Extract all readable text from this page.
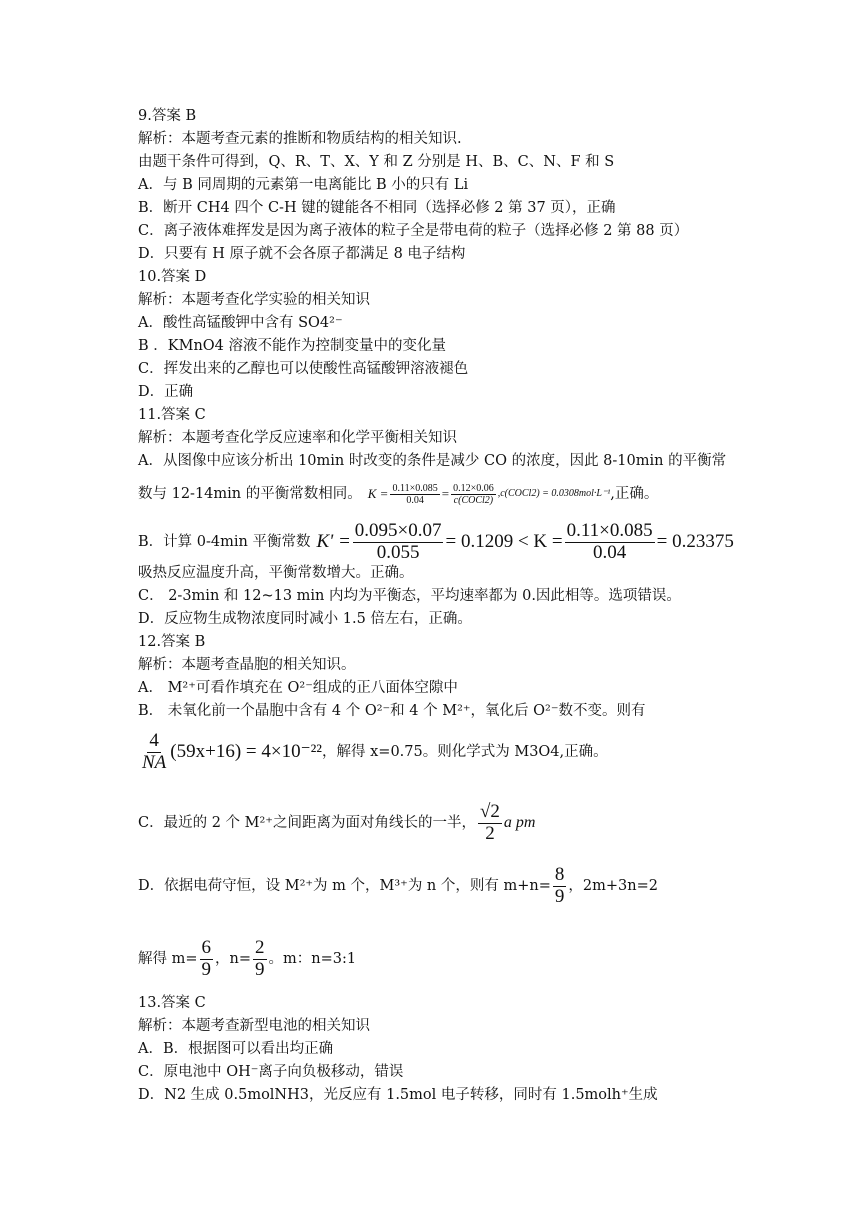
9.答案 B
解析：本题考查元素的推断和物质结构的相关知识.
由题干条件可得到，Q、R、T、X、Y 和 Z 分别是 H、B、C、N、F 和 S
A．与 B 同周期的元素第一电离能比 B 小的只有 Li
B．断开 CH4 四个 C-H 键的键能各不相同（选择必修 2 第 37 页），正确
C．离子液体难挥发是因为离子液体的粒子全是带电荷的粒子（选择必修 2 第 88 页）
D．只要有 H 原子就不会各原子都满足 8 电子结构
10.答案 D
解析：本题考查化学实验的相关知识
A．酸性高锰酸钾中含有 SO4²⁻
B ．KMnO4 溶液不能作为控制变量中的变化量
C．挥发出来的乙醇也可以使酸性高锰酸钾溶液褪色
D．正确
11.答案 C
解析：本题考查化学反应速率和化学平衡相关知识
A．从图像中应该分析出 10min 时改变的条件是减少 CO 的浓度，因此 8-10min 的平衡常
数与 12-14min 的平衡常数相同。 $K = \frac{0.11\times 0.085}{0.04} = \frac{0.12\times 0.06}{\text{c(COCl2)}}$ ,c(COCl2) = 0.0308mol·L⁻¹ ,正确。
B．计算 0-4min 平衡常数 $K' = \frac{0.095\times 0.07}{0.055} = 0.1209 < K = \frac{0.11\times 0.085}{0.04} = 0.23375$
吸热反应温度升高，平衡常数增大。正确。
C． 2-3min 和 12~13 min 内均为平衡态，平均速率都为 0.因此相等。选项错误。
D．反应物生成物浓度同时减小 1.5 倍左右，正确。
12.答案 B
解析：本题考查晶胞的相关知识。
A． M²⁺可看作填充在 O²⁻组成的正八面体空隙中
B． 未氧化前一个晶胞中含有 4 个 O²⁻和 4 个 M²⁺，氧化后 O²⁻数不变。则有
$\frac{4}{NA} (59x+16) = 4\times 10^{-22}$ ，解得 x=0.75。则化学式为 M3O4,正确。
C．最近的 2 个 M²⁺之间距离为面对角线长的一半， $\frac{√2}{2}$ a pm
D．依据电荷守恒，设 M²⁺为 m 个，M³⁺为 n 个，则有 $m+n= \frac{8}{9}$ ，2m+3n=2
解得 $m= \frac{6}{9}$ ，$n= \frac{2}{9}$ 。m：n=3:1
13.答案 C
解析：本题考查新型电池的相关知识
A．B．根据图可以看出均正确
C．原电池中 OH⁻离子向负极移动，错误
D．N2 生成 0.5molNH3，光反应有 1.5mol 电子转移，同时有 1.5molh⁺生成
